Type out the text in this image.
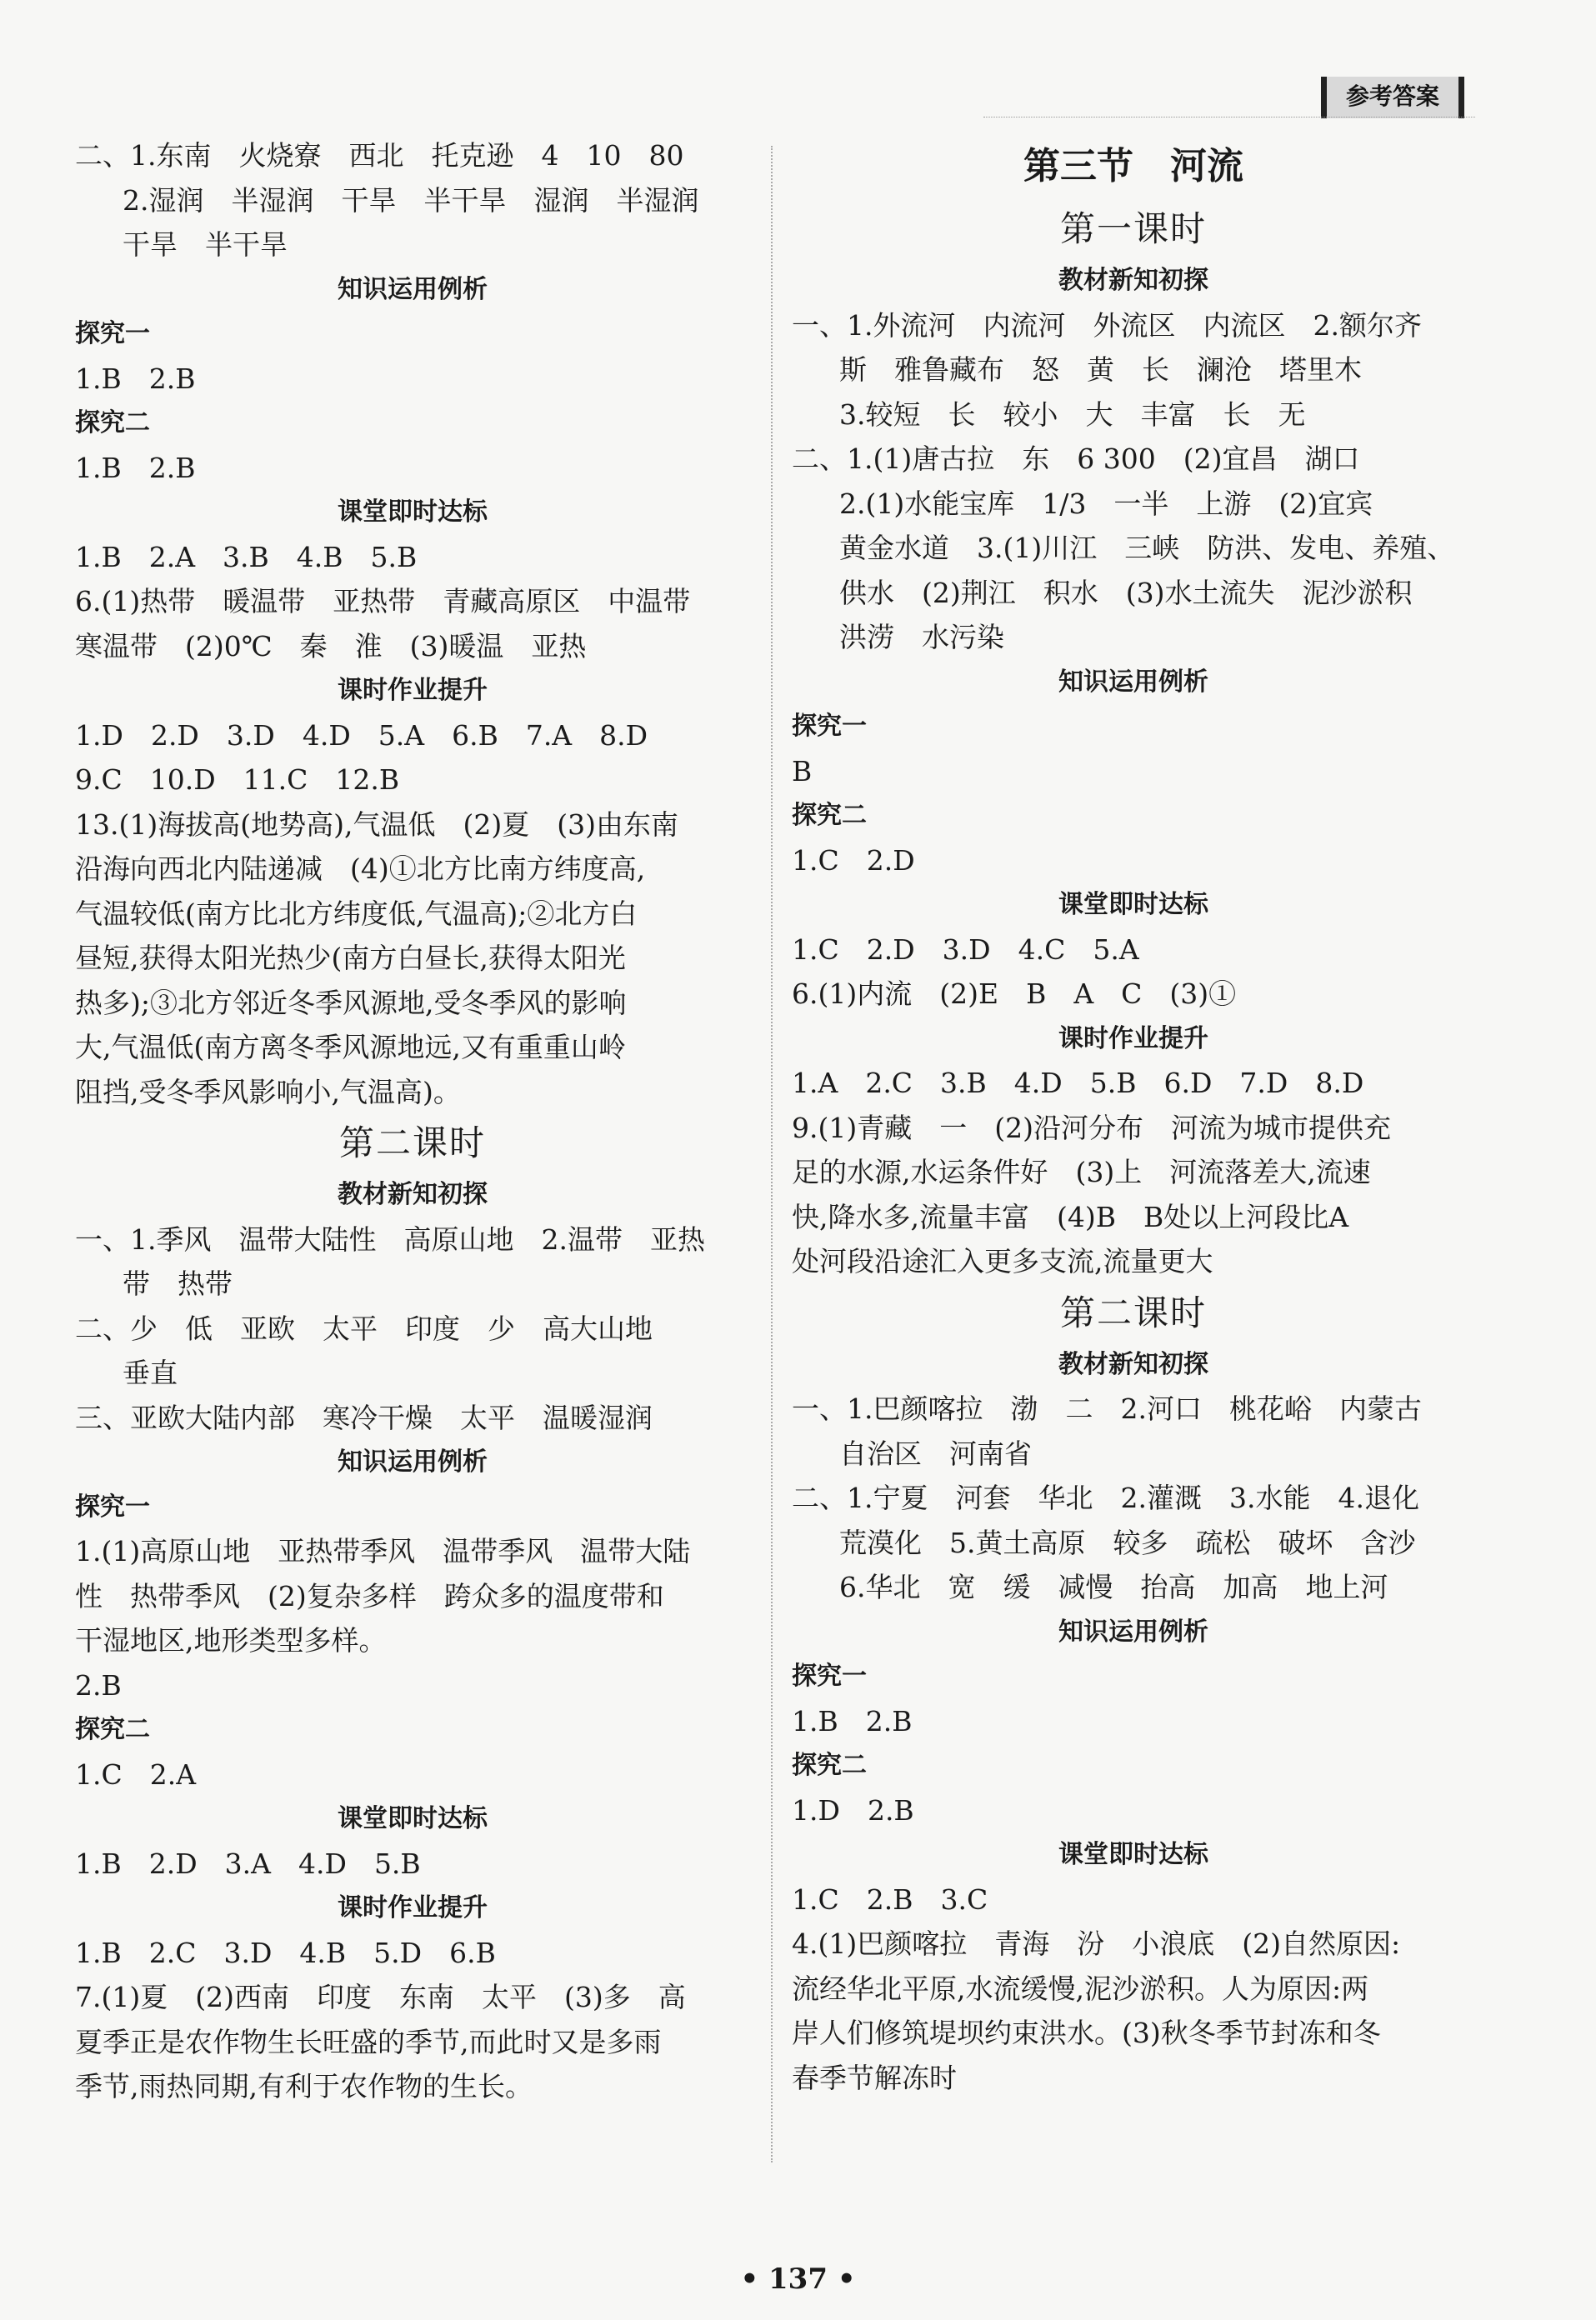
参考答案
二、1.东南　火烧寮　西北　托克逊　4　10　80
2.湿润　半湿润　干旱　半干旱　湿润　半湿润
干旱　半干旱
知识运用例析
探究一
1.B　2.B
探究二
1.B　2.B
课堂即时达标
1.B　2.A　3.B　4.B　5.B
6.(1)热带　暖温带　亚热带　青藏高原区　中温带
寒温带　(2)0℃　秦　淮　(3)暖温　亚热
课时作业提升
1.D　2.D　3.D　4.D　5.A　6.B　7.A　8.D
9.C　10.D　11.C　12.B
13.(1)海拔高(地势高),气温低　(2)夏　(3)由东南
沿海向西北内陆递减　(4)①北方比南方纬度高,
气温较低(南方比北方纬度低,气温高);②北方白
昼短,获得太阳光热少(南方白昼长,获得太阳光
热多);③北方邻近冬季风源地,受冬季风的影响
大,气温低(南方离冬季风源地远,又有重重山岭
阻挡,受冬季风影响小,气温高)。
第二课时
教材新知初探
一、1.季风　温带大陆性　高原山地　2.温带　亚热
带　热带
二、少　低　亚欧　太平　印度　少　高大山地
垂直
三、亚欧大陆内部　寒冷干燥　太平　温暖湿润
知识运用例析
探究一
1.(1)高原山地　亚热带季风　温带季风　温带大陆
性　热带季风　(2)复杂多样　跨众多的温度带和
干湿地区,地形类型多样。
2.B
探究二
1.C　2.A
课堂即时达标
1.B　2.D　3.A　4.D　5.B
课时作业提升
1.B　2.C　3.D　4.B　5.D　6.B
7.(1)夏　(2)西南　印度　东南　太平　(3)多　高
夏季正是农作物生长旺盛的季节,而此时又是多雨
季节,雨热同期,有利于农作物的生长。
第三节　河流
第一课时
教材新知初探
一、1.外流河　内流河　外流区　内流区　2.额尔齐
斯　雅鲁藏布　怒　黄　长　澜沧　塔里木
3.较短　长　较小　大　丰富　长　无
二、1.(1)唐古拉　东　6 300　(2)宜昌　湖口
2.(1)水能宝库　1/3　一半　上游　(2)宜宾
黄金水道　3.(1)川江　三峡　防洪、发电、养殖、
供水　(2)荆江　积水　(3)水土流失　泥沙淤积
洪涝　水污染
知识运用例析
探究一
B
探究二
1.C　2.D
课堂即时达标
1.C　2.D　3.D　4.C　5.A
6.(1)内流　(2)E　B　A　C　(3)①
课时作业提升
1.A　2.C　3.B　4.D　5.B　6.D　7.D　8.D
9.(1)青藏　一　(2)沿河分布　河流为城市提供充
足的水源,水运条件好　(3)上　河流落差大,流速
快,降水多,流量丰富　(4)B　B处以上河段比A
处河段沿途汇入更多支流,流量更大
第二课时
教材新知初探
一、1.巴颜喀拉　渤　二　2.河口　桃花峪　内蒙古
自治区　河南省
二、1.宁夏　河套　华北　2.灌溉　3.水能　4.退化
荒漠化　5.黄土高原　较多　疏松　破坏　含沙
6.华北　宽　缓　减慢　抬高　加高　地上河
知识运用例析
探究一
1.B　2.B
探究二
1.D　2.B
课堂即时达标
1.C　2.B　3.C
4.(1)巴颜喀拉　青海　汾　小浪底　(2)自然原因:
流经华北平原,水流缓慢,泥沙淤积。人为原因:两
岸人们修筑堤坝约束洪水。(3)秋冬季节封冻和冬
春季节解冻时
• 137 •
